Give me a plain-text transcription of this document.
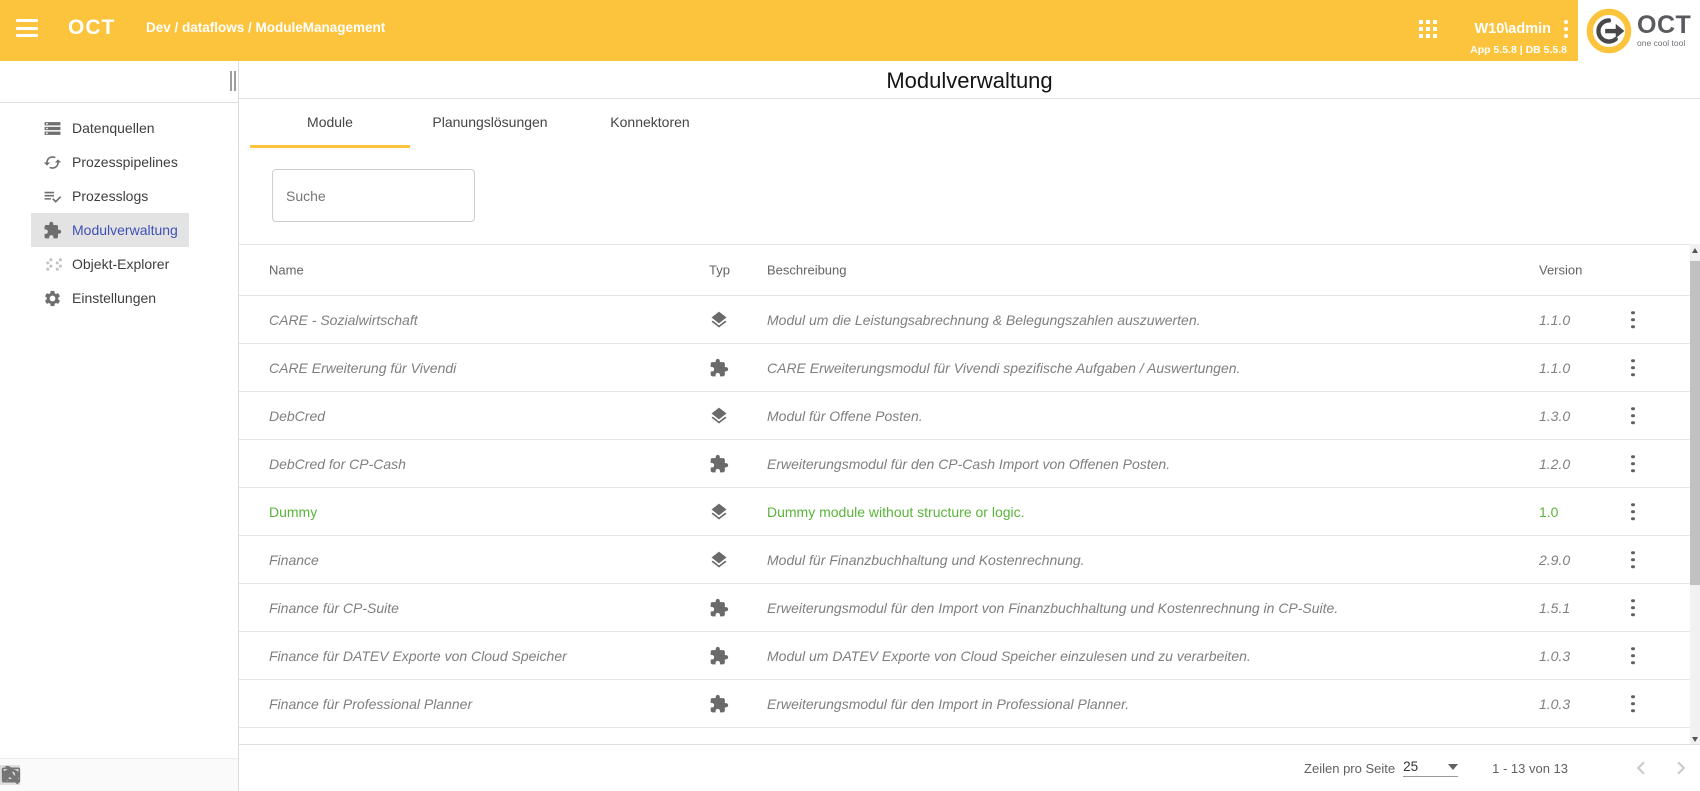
OCT Dev / dataflows / ModuleManagement	W10\admin
App 5.5.8 | DB 5.5.8
OCT
one cool tool
Datenquellen
Prozesspipelines
Prozesslogs
Modulverwaltung
Objekt-Explorer
Einstellungen
Modulverwaltung
Module	Planungslösungen	Konnektoren
Suche
Name	Typ	Beschreibung	Version
CARE - Sozialwirtschaft	Modul um die Leistungsabrechnung & Belegungszahlen auszuwerten.	1.1.0
CARE Erweiterung für Vivendi	CARE Erweiterungsmodul für Vivendi spezifische Aufgaben / Auswertungen.	1.1.0
DebCred	Modul für Offene Posten.	1.3.0
DebCred for CP-Cash	Erweiterungsmodul für den CP-Cash Import von Offenen Posten.	1.2.0
Dummy	Dummy module without structure or logic.	1.0
Finance	Modul für Finanzbuchhaltung und Kostenrechnung.	2.9.0
Finance für CP-Suite	Erweiterungsmodul für den Import von Finanzbuchhaltung und Kostenrechnung in CP-Suite.	1.5.1
Finance für DATEV Exporte von Cloud Speicher	Modul um DATEV Exporte von Cloud Speicher einzulesen und zu verarbeiten.	1.0.3
Finance für Professional Planner	Erweiterungsmodul für den Import in Professional Planner.	1.0.3
Zeilen pro Seite 25	1 - 13 von 13
